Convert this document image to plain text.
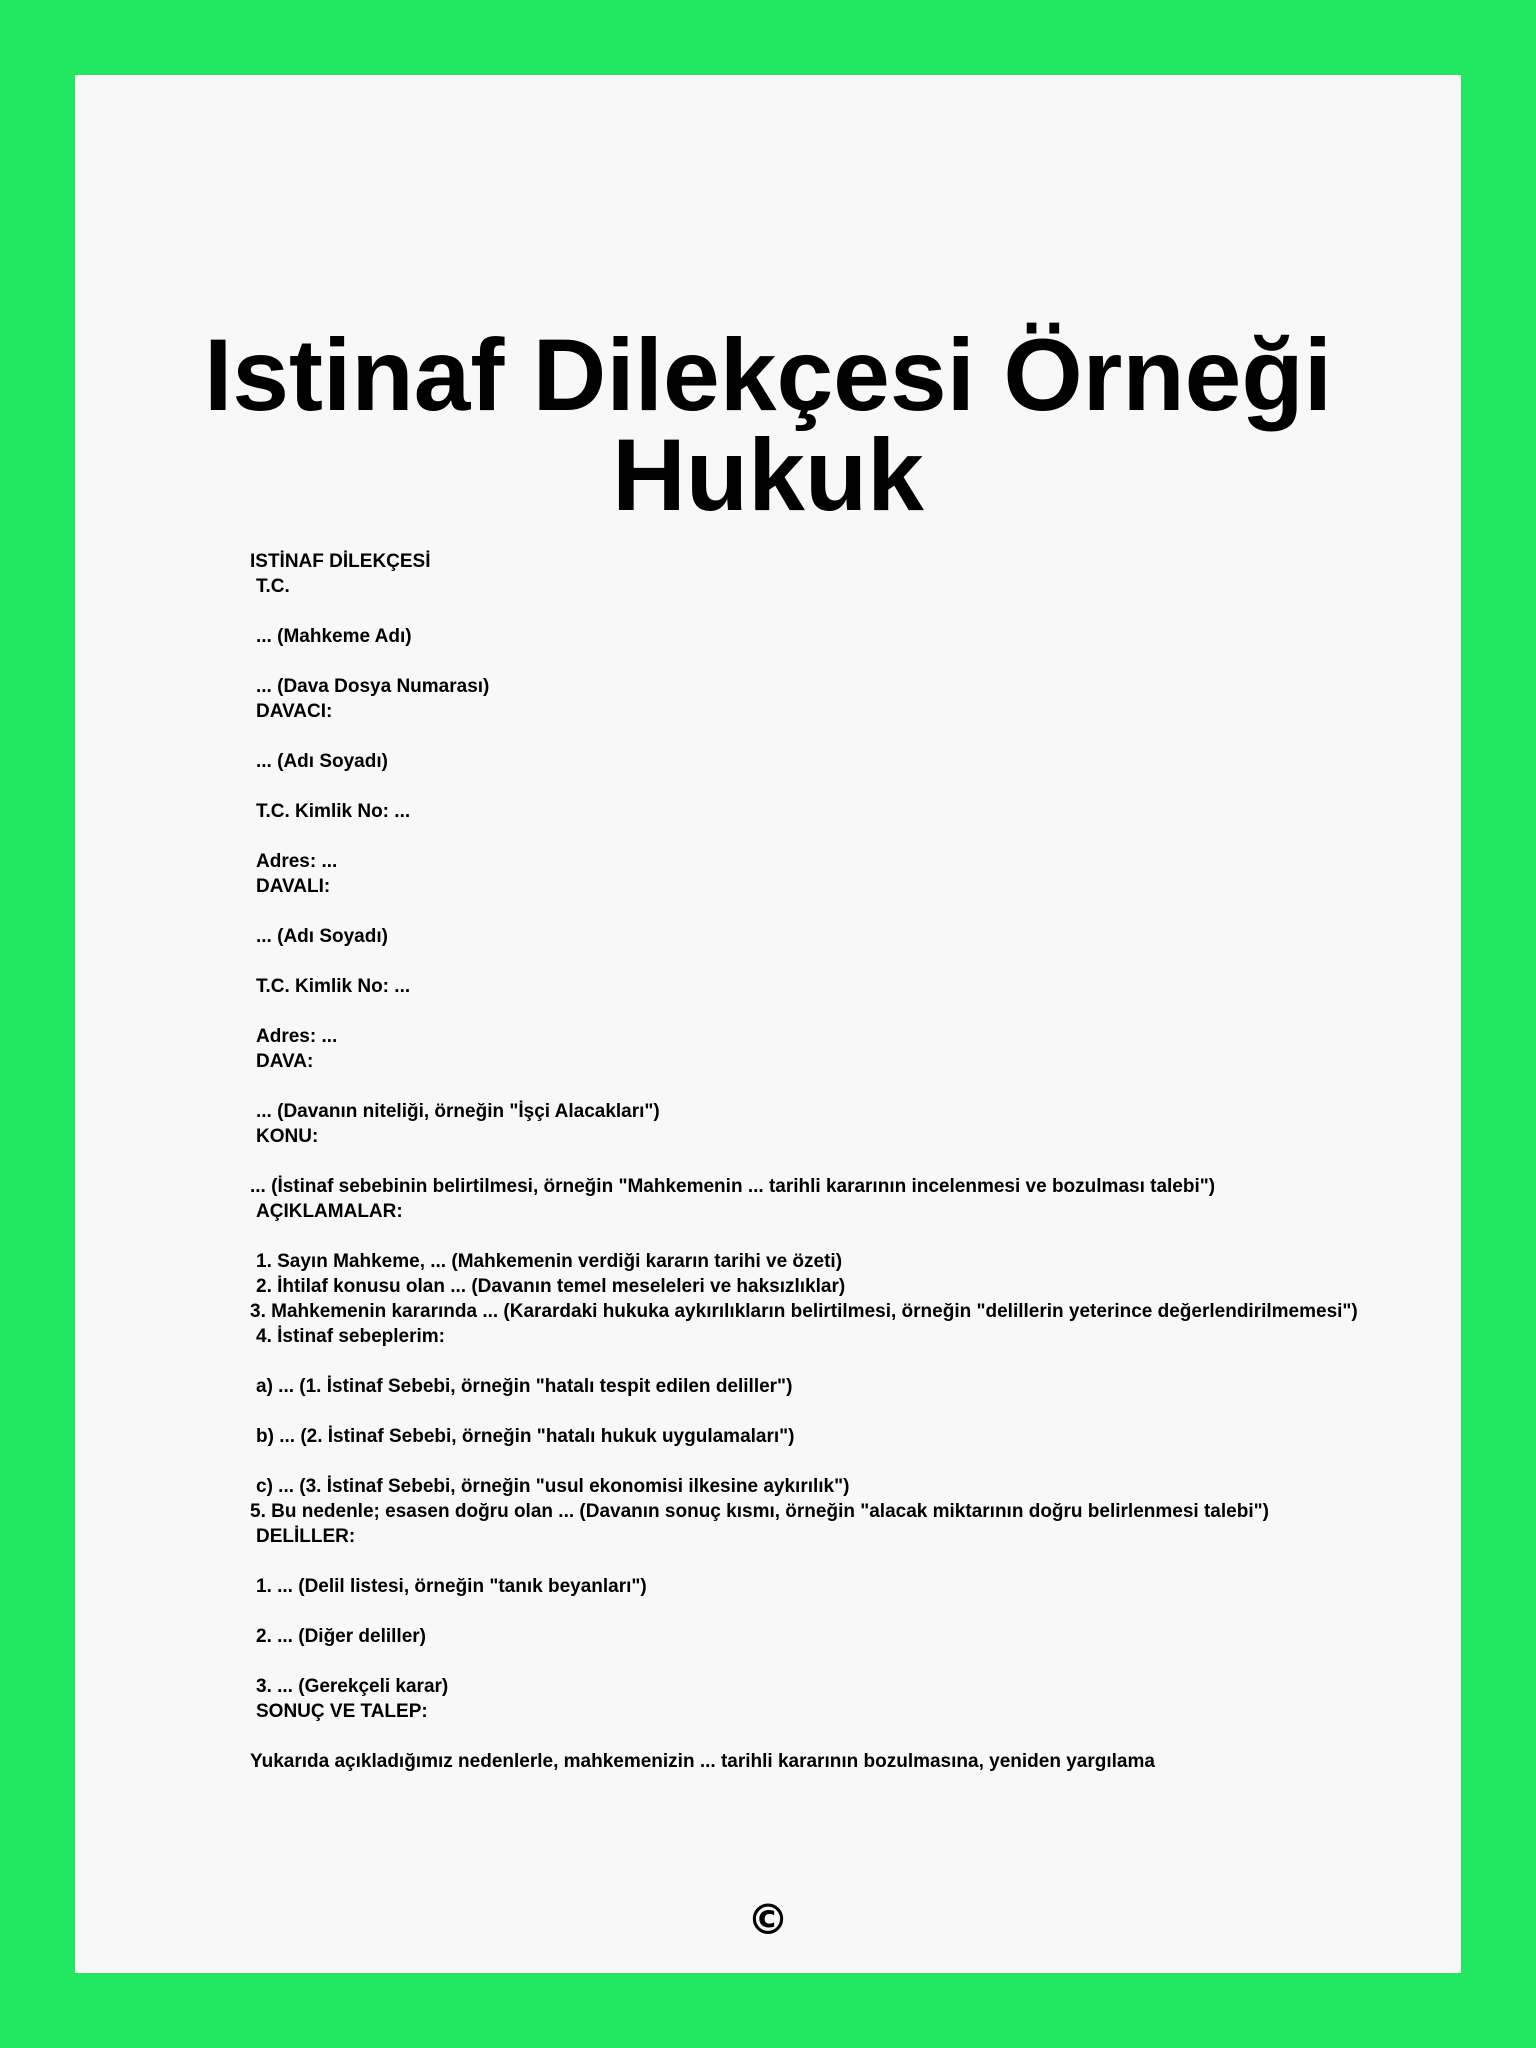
Istinaf Dilekçesi Örneği
Hukuk
ISTİNAF DİLEKÇESİ
T.C.
... (Mahkeme Adı)
... (Dava Dosya Numarası)
DAVACI:
... (Adı Soyadı)
T.C. Kimlik No: ...
Adres: ...
DAVALI:
... (Adı Soyadı)
T.C. Kimlik No: ...
Adres: ...
DAVA:
... (Davanın niteliği, örneğin "İşçi Alacakları")
KONU:
... (İstinaf sebebinin belirtilmesi, örneğin "Mahkemenin ... tarihli kararının incelenmesi ve bozulması talebi")
AÇIKLAMALAR:
1. Sayın Mahkeme, ... (Mahkemenin verdiği kararın tarihi ve özeti)
2. İhtilaf konusu olan ... (Davanın temel meseleleri ve haksızlıklar)
3. Mahkemenin kararında ... (Karardaki hukuka aykırılıkların belirtilmesi, örneğin "delillerin yeterince değerlendirilmemesi")
4. İstinaf sebeplerim:
a) ... (1. İstinaf Sebebi, örneğin "hatalı tespit edilen deliller")
b) ... (2. İstinaf Sebebi, örneğin "hatalı hukuk uygulamaları")
c) ... (3. İstinaf Sebebi, örneğin "usul ekonomisi ilkesine aykırılık")
5. Bu nedenle; esasen doğru olan ... (Davanın sonuç kısmı, örneğin "alacak miktarının doğru belirlenmesi talebi")
DELİLLER:
1. ... (Delil listesi, örneğin "tanık beyanları")
2. ... (Diğer deliller)
3. ... (Gerekçeli karar)
SONUÇ VE TALEP:
Yukarıda açıkladığımız nedenlerle, mahkemenizin ... tarihli kararının bozulmasına, yeniden yargılama
©
